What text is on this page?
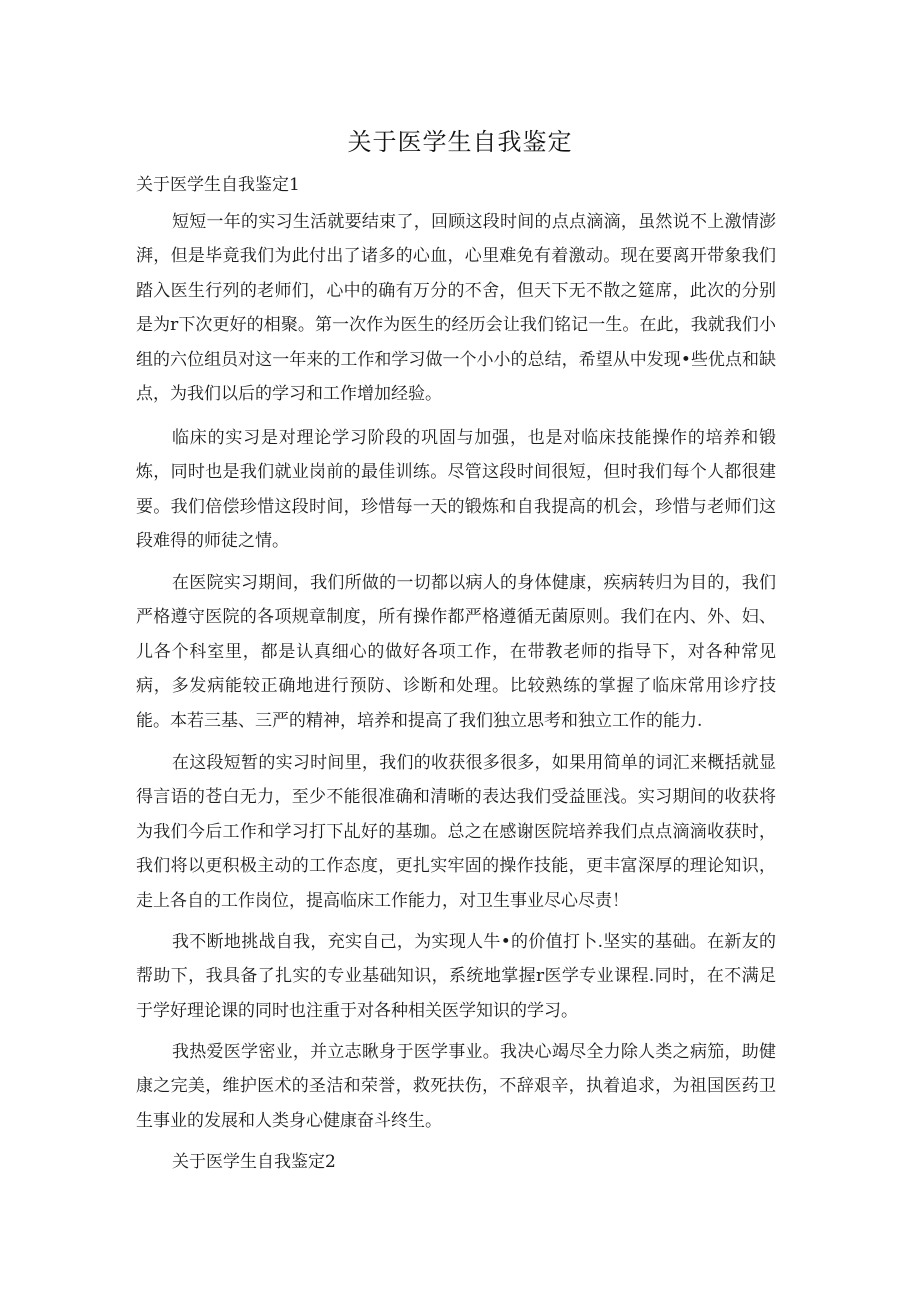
关于医学生自我鉴定

关于医学生自我鉴定1

短短一年的实习生活就要结束了，回顾这段时间的点点滴滴，虽然说不上激情澎湃，但是毕竟我们为此付出了诸多的心血，心里难免有着激动。现在要离开带象我们踏入医生行列的老师们，心中的确有万分的不舍，但天下无不散之筵席，此次的分别是为r下次更好的相聚。第一次作为医生的经历会让我们铭记一生。在此，我就我们小组的六位组员对这一年来的工作和学习做一个小小的总结，希望从中发现•些优点和缺点，为我们以后的学习和工作增加经验。

临床的实习是对理论学习阶段的巩固与加强，也是对临床技能操作的培养和锻炼，同时也是我们就业岗前的最佳训练。尽管这段时间很短，但时我们每个人都很建要。我们倍偿珍惜这段时间，珍惜每一天的锻炼和自我提高的机会，珍惜与老师们这段难得的师徒之情。

在医院实习期间，我们所做的一切都以病人的身体健康，疾病转归为目的，我们严格遵守医院的各项规章制度，所有操作都严格遵循无菌原则。我们在内、外、妇、儿各个科室里，都是认真细心的做好各项工作，在带教老师的指导下，对各种常见病，多发病能较正确地进行预防、诊断和处理。比较熟练的掌握了临床常用诊疗技能。本若三基、三严的精神，培养和提高了我们独立思考和独立工作的能力.

在这段短暂的实习时间里，我们的收获很多很多，如果用简单的词汇来概括就显得言语的苍白无力，至少不能很准确和清晰的表达我们受益匪浅。实习期间的收获将为我们今后工作和学习打下乩好的基珈。总之在感谢医院培养我们点点滴滴收获时，我们将以更积极主动的工作态度，更扎实牢固的操作技能，更丰富深厚的理论知识，走上各自的工作岗位，提高临床工作能力，对卫生事业尽心尽责！

我不断地挑战自我，充实自己，为实现人牛•的价值打卜.坚实的基础。在新友的帮助下，我具备了扎实的专业基础知识，系统地掌握r医学专业课程.同时，在不满足于学好理论课的同时也注重于对各种相关医学知识的学习。

我热爱医学密业，并立志瞅身于医学事业。我决心竭尽全力除人类之病笳，助健康之完美，维护医术的圣洁和荣誉，救死扶伤，不辞艰辛，执着追求，为祖国医药卫生事业的发展和人类身心健康奋斗终生。

关于医学生自我鉴定2
